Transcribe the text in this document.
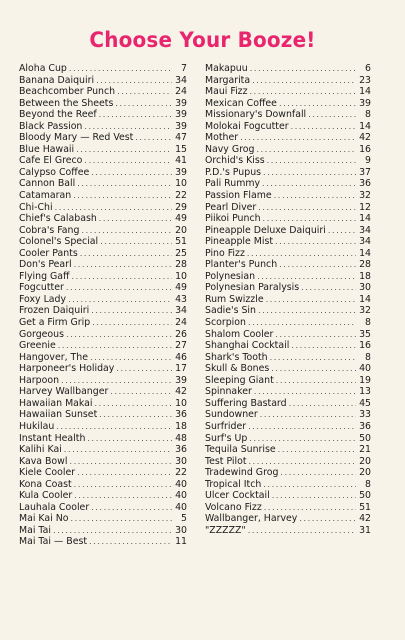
Choose Your Booze!
Aloha Cup .....	7
Banana Daiquiri .....	34
Beachcomber Punch .....	24
Between the Sheets .....	39
Beyond the Reef .....	39
Black Passion .....	39
Bloody Mary — Red Vest .....	47
Blue Hawaii .....	15
Cafe El Greco .....	41
Calypso Coffee .....	39
Cannon Ball .....	10
Catamaran .....	22
Chi-Chi .....	29
Chief's Calabash .....	49
Cobra's Fang .....	20
Colonel's Special .....	51
Cooler Pants .....	25
Don's Pearl .....	28
Flying Gaff .....	10
Fogcutter .....	49
Foxy Lady .....	43
Frozen Daiquiri .....	34
Get a Firm Grip .....	24
Gorgeous .....	26
Greenie .....	27
Hangover, The .....	46
Harponeer's Holiday .....	17
Harpoon .....	39
Harvey Wallbanger .....	42
Hawaiian Makai .....	10
Hawaiian Sunset .....	36
Hukilau .....	18
Instant Health .....	48
Kalihi Kai .....	36
Kava Bowl .....	30
Kiele Cooler .....	22
Kona Coast .....	40
Kula Cooler .....	40
Lauhala Cooler .....	40
Mai Kai No .....	5
Mai Tai .....	30
Mai Tai — Best .....	11
Makapuu .....	6
Margarita .....	23
Maui Fizz .....	14
Mexican Coffee .....	39
Missionary's Downfall .....	8
Molokai Fogcutter .....	14
Mother .....	42
Navy Grog .....	16
Orchid's Kiss .....	9
P.D.'s Pupus .....	37
Pali Rummy .....	36
Passion Flame .....	32
Pearl Diver .....	12
Piikoi Punch .....	14
Pineapple Deluxe Daiquiri .....	34
Pineapple Mist .....	34
Pino Fizz .....	14
Planter's Punch .....	28
Polynesian .....	18
Polynesian Paralysis .....	30
Rum Swizzle .....	14
Sadie's Sin .....	32
Scorpion .....	8
Shalom Cooler .....	35
Shanghai Cocktail .....	16
Shark's Tooth .....	8
Skull & Bones .....	40
Sleeping Giant .....	19
Spinnaker .....	13
Suffering Bastard .....	45
Sundowner .....	33
Surfrider .....	36
Surf's Up .....	50
Tequila Sunrise .....	21
Test Pilot .....	20
Tradewind Grog .....	20
Tropical Itch .....	8
Ulcer Cocktail .....	50
Volcano Fizz .....	51
Wallbanger, Harvey .....	42
"ZZZZZ" .....	31
